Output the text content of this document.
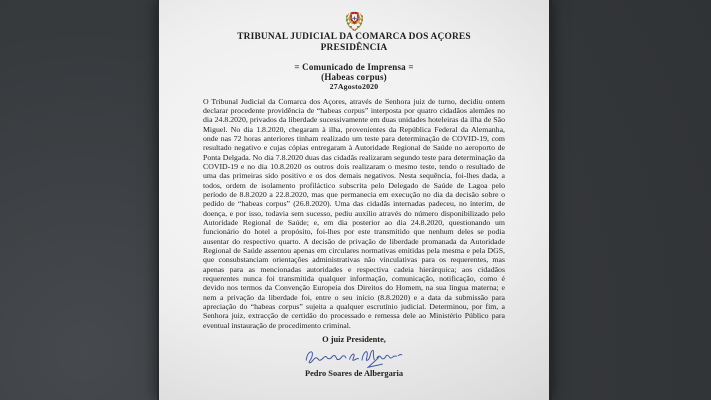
TRIBUNAL JUDICIAL DA COMARCA DOS AÇORES
PRESIDÊNCIA
= Comunicado de Imprensa =
(Habeas corpus)
27Agosto2020

O Tribunal Judicial da Comarca dos Açores, através de Senhora juiz de turno, decidiu ontem declarar procedente providência de “habeas corpus” interposta por quatro cidadãos alemães no dia 24.8.2020, privados da liberdade sucessivamente em duas unidades hoteleiras da ilha de São Miguel. No dia 1.8.2020, chegaram à ilha, provenientes da República Federal da Alemanha, onde nas 72 horas anteriores tinham realizado um teste para determinação de COVID-19, com resultado negativo e cujas cópias entregaram à Autoridade Regional de Saúde no aeroporto de Ponta Delgada. No dia 7.8.2020 duas das cidadãs realizaram segundo teste para determinação da COVID-19 e no dia 10.8.2020 os outros dois realizaram o mesmo teste, tendo o resultado de uma das primeiras sido positivo e os dos demais negativos. Nesta sequência, foi-lhes dada, a todos, ordem de isolamento profiláctico subscrita pelo Delegado de Saúde de Lagoa pelo período de 8.8.2020 a 22.8.2020, mas que permanecia em execução no dia da decisão sobre o pedido de “habeas corpus” (26.8.2020). Uma das cidadãs internadas padeceu, no ínterim, de doença, e por isso, todavia sem sucesso, pediu auxílio através do número disponibilizado pelo Autoridade Regional de Saúde; e, em dia posterior ao dia 24.8.2020, questionando um funcionário do hotel a propósito, foi-lhes por este transmitido que nenhum deles se podia ausentar do respectivo quarto. A decisão de privação de liberdade promanada da Autoridade Regional de Saúde assentou apenas em circulares normativas emitidas pela mesma e pela DGS, que consubstanciam orientações administrativas não vinculativas para os requerentes, mas apenas para as mencionadas autoridades e respectiva cadeia hierárquica; aos cidadãos requerentes nunca foi transmitida qualquer informação, comunicação, notificação, como é devido nos termos da Convenção Europeia dos Direitos do Homem, na sua língua materna; e nem a privação da liberdade foi, entre o seu início (8.8.2020) e a data da submissão para apreciação do “habeas corpus” sujeita a qualquer escrutínio judicial. Determinou, por fim, a Senhora juiz, extracção de certidão do processado e remessa dele ao Ministério Público para eventual instauração de procedimento criminal.

O juiz Presidente,
Pedro Soares de Albergaria
